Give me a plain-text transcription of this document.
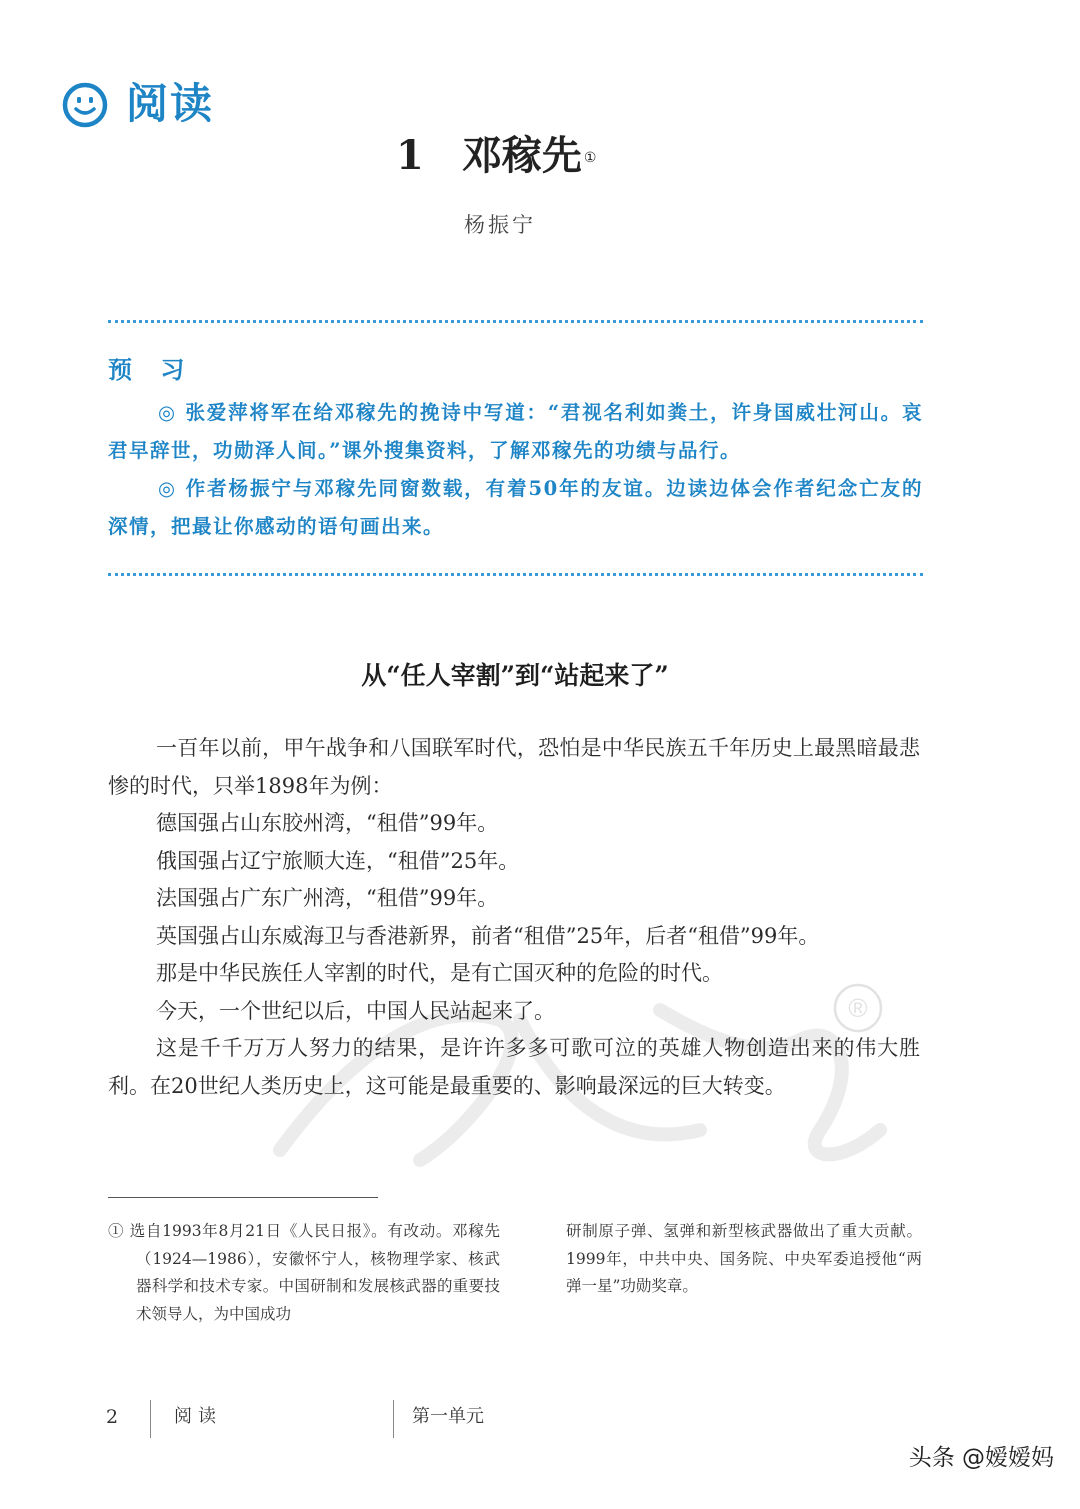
阅读
1 邓稼先 ①
杨振宁
预 习

◎ 张爱萍将军在给邓稼先的挽诗中写道：“君视名利如粪土，许身国威壮河山。哀君早辞世，功勋泽人间。”课外搜集资料，了解邓稼先的功绩与品行。

◎ 作者杨振宁与邓稼先同窗数载，有着50年的友谊。边读边体会作者纪念亡友的深情，把最让你感动的语句画出来。

从“任人宰割”到“站起来了”
®

一百年以前，甲午战争和八国联军时代，恐怕是中华民族五千年历史上最黑暗最悲惨的时代，只举1898年为例：

德国强占山东胶州湾，“租借”99年。

俄国强占辽宁旅顺大连，“租借”25年。

法国强占广东广州湾，“租借”99年。

英国强占山东威海卫与香港新界，前者“租借”25年，后者“租借”99年。

那是中华民族任人宰割的时代，是有亡国灭种的危险的时代。

今天，一个世纪以后，中国人民站起来了。

这是千千万万人努力的结果，是许许多多可歌可泣的英雄人物创造出来的伟大胜利。在20世纪人类历史上，这可能是最重要的、影响最深远的巨大转变。

① 选自1993年8月21日《人民日报》。有改动。邓稼先（1924—1986），安徽怀宁人，核物理学家、核武器科学和技术专家。中国研制和发展核武器的重要技术领导人，为中国成功

研制原子弹、氢弹和新型核武器做出了重大贡献。1999年，中共中央、国务院、中央军委追授他“两弹一星”功勋奖章。

2	阅读	第一单元
头条 @嫒嫒妈
